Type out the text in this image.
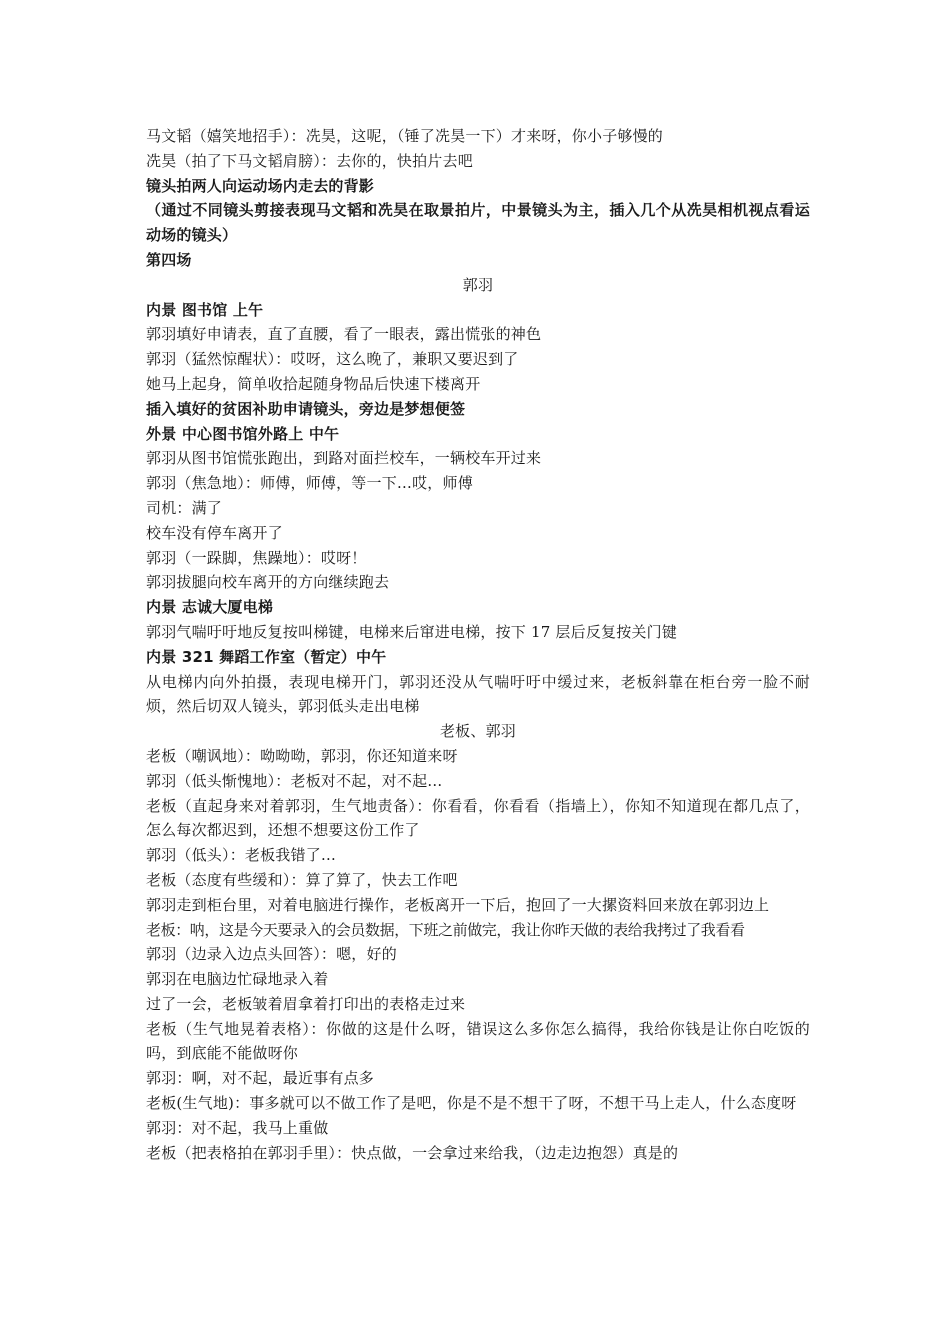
马文韬（嬉笑地招手）：冼昊，这呢，（锤了冼昊一下）才来呀，你小子够慢的
冼昊（拍了下马文韬肩膀）：去你的，快拍片去吧
镜头拍两人向运动场内走去的背影
（通过不同镜头剪接表现马文韬和冼昊在取景拍片，中景镜头为主，插入几个从冼昊相机视点看运动场的镜头）
第四场
郭羽
内景 图书馆 上午
郭羽填好申请表，直了直腰，看了一眼表，露出慌张的神色
郭羽（猛然惊醒状）：哎呀，这么晚了，兼职又要迟到了
她马上起身，简单收拾起随身物品后快速下楼离开
插入填好的贫困补助申请镜头，旁边是梦想便签
外景 中心图书馆外路上 中午
郭羽从图书馆慌张跑出，到路对面拦校车，一辆校车开过来
郭羽（焦急地）：师傅，师傅，等一下…哎，师傅
司机：满了
校车没有停车离开了
郭羽（一跺脚，焦躁地）：哎呀！
郭羽拔腿向校车离开的方向继续跑去
内景 志诚大厦电梯
郭羽气喘吁吁地反复按叫梯键，电梯来后窜进电梯，按下 17 层后反复按关门键
内景 321 舞蹈工作室（暂定）中午
从电梯内向外拍摄，表现电梯开门，郭羽还没从气喘吁吁中缓过来，老板斜靠在柜台旁一脸不耐烦，然后切双人镜头，郭羽低头走出电梯
老板、郭羽
老板（嘲讽地）：呦呦呦，郭羽，你还知道来呀
郭羽（低头惭愧地）：老板对不起，对不起…
老板（直起身来对着郭羽，生气地责备）：你看看，你看看（指墙上），你知不知道现在都几点了，怎么每次都迟到，还想不想要这份工作了
郭羽（低头）：老板我错了…
老板（态度有些缓和）：算了算了，快去工作吧
郭羽走到柜台里，对着电脑进行操作，老板离开一下后，抱回了一大摞资料回来放在郭羽边上
老板：呐，这是今天要录入的会员数据，下班之前做完，我让你昨天做的表给我拷过了我看看
郭羽（边录入边点头回答）：嗯，好的
郭羽在电脑边忙碌地录入着
过了一会，老板皱着眉拿着打印出的表格走过来
老板（生气地晃着表格）：你做的这是什么呀，错误这么多你怎么搞得，我给你钱是让你白吃饭的吗，到底能不能做呀你
郭羽：啊，对不起，最近事有点多
老板(生气地)：事多就可以不做工作了是吧，你是不是不想干了呀，不想干马上走人，什么态度呀
郭羽：对不起，我马上重做
老板（把表格拍在郭羽手里）：快点做，一会拿过来给我，（边走边抱怨）真是的
